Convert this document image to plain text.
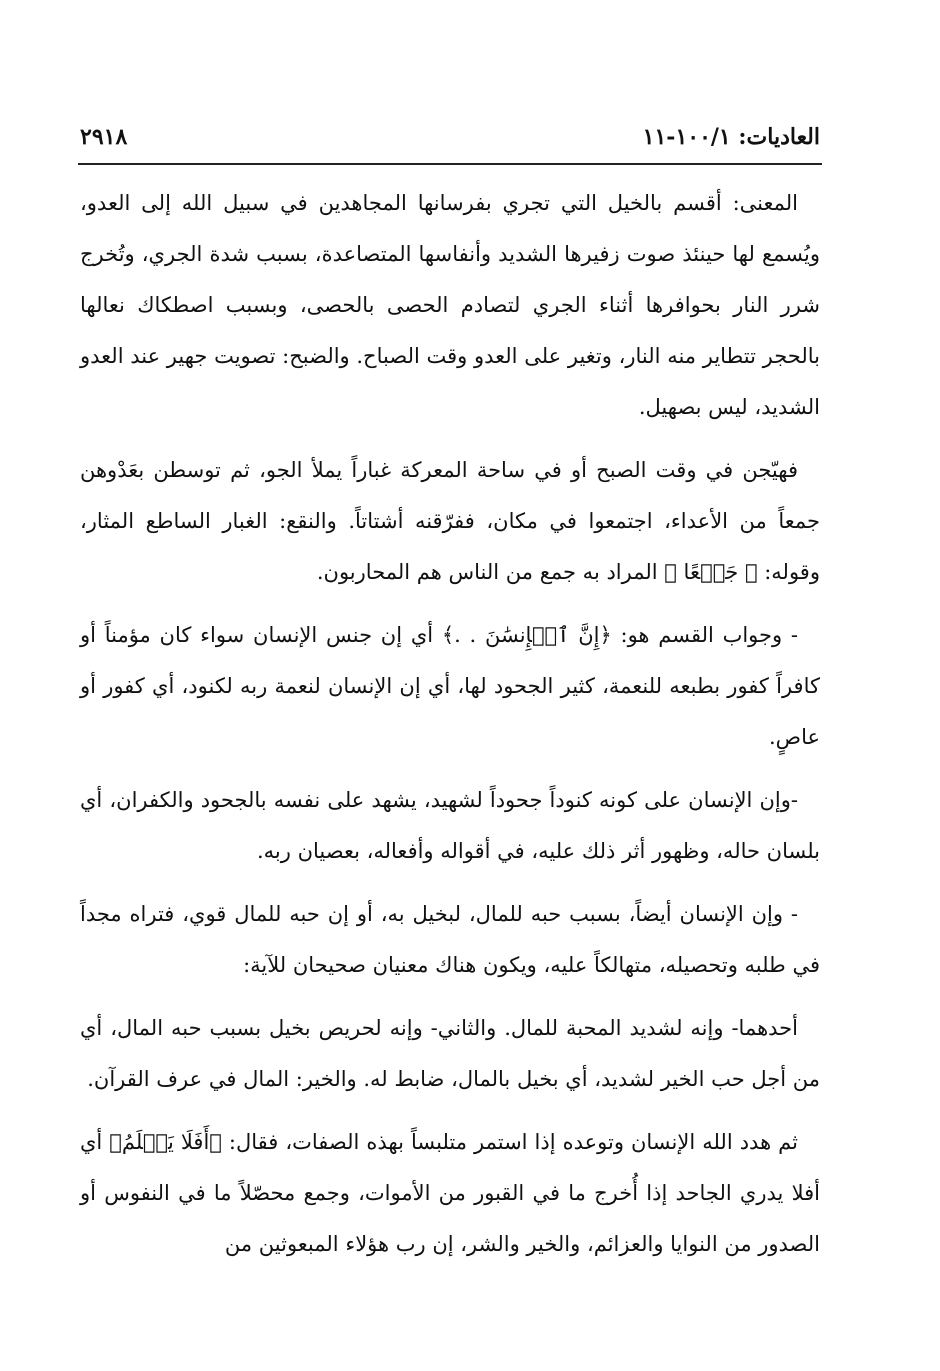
العاديات: ١٠٠/١-١١
٢٩١٨

المعنى: أقسم بالخيل التي تجري بفرسانها المجاهدين في سبيل الله إلى العدو، ويُسمع لها حينئذ صوت زفيرها الشديد وأنفاسها المتصاعدة، بسبب شدة الجري، وتُخرج شرر النار بحوافرها أثناء الجري لتصادم الحصى بالحصى، وبسبب اصطكاك نعالها بالحجر تتطاير منه النار، وتغير على العدو وقت الصباح. والضبح: تصويت جهير عند العدو الشديد، ليس بصهيل.

فهيّجن في وقت الصبح أو في ساحة المعركة غباراً يملأ الجو، ثم توسطن بعَدْوهن جمعاً من الأعداء، اجتمعوا في مكان، ففرّقنه أشتاتاً. والنقع: الغبار الساطع المثار، وقوله: ﴿ جَمۡعًا ﴾ المراد به جمع من الناس هم المحاربون.

- وجواب القسم هو: ﴿إِنَّ ٱلۡإِنسَٰنَ . .﴾ أي إن جنس الإنسان سواء كان مؤمناً أو كافراً كفور بطبعه للنعمة، كثير الجحود لها، أي إن الإنسان لنعمة ربه لكنود، أي كفور أو عاصٍ.

-وإن الإنسان على كونه كنوداً جحوداً لشهيد، يشهد على نفسه بالجحود والكفران، أي بلسان حاله، وظهور أثر ذلك عليه، في أقواله وأفعاله، بعصيان ربه.

- وإن الإنسان أيضاً، بسبب حبه للمال، لبخيل به، أو إن حبه للمال قوي، فتراه مجداً في طلبه وتحصيله، متهالكاً عليه، ويكون هناك معنيان صحيحان للآية:

أحدهما- وإنه لشديد المحبة للمال. والثاني- وإنه لحريص بخيل بسبب حبه المال، أي من أجل حب الخير لشديد، أي بخيل بالمال، ضابط له. والخير: المال في عرف القرآن.

ثم هدد الله الإنسان وتوعده إذا استمر متلبساً بهذه الصفات، فقال: ﴿أَفَلَا يَعۡلَمُ﴾ أي أفلا يدري الجاحد إذا أُخرج ما في القبور من الأموات، وجمع محصّلاً ما في النفوس أو الصدور من النوايا والعزائم، والخير والشر، إن رب هؤلاء المبعوثين من
